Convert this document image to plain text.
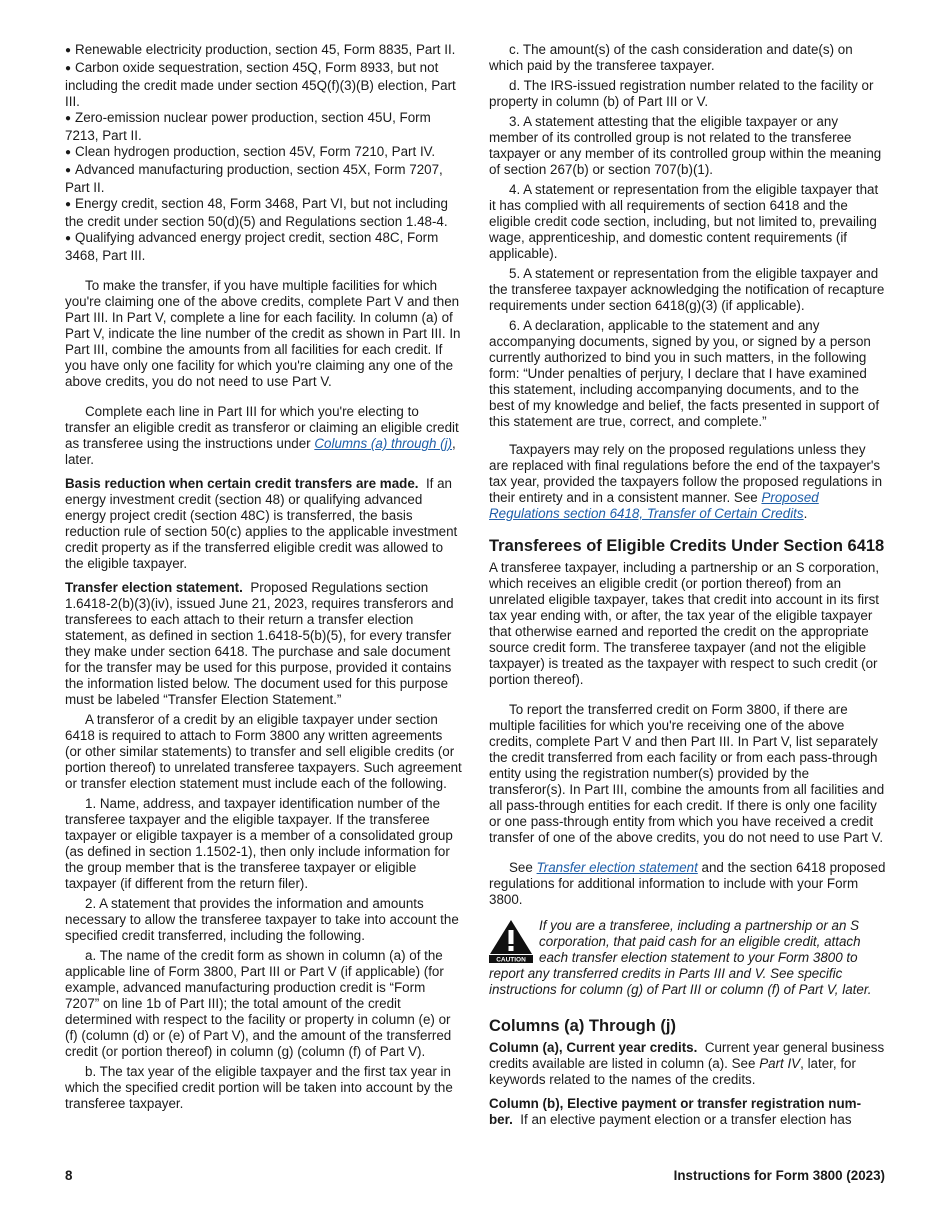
● Renewable electricity production, section 45, Form 8835, Part II.

● Carbon oxide sequestration, section 45Q, Form 8933, but not including the credit made under section 45Q(f)(3)(B) election, Part III.

● Zero-emission nuclear power production, section 45U, Form 7213, Part II.

● Clean hydrogen production, section 45V, Form 7210, Part IV.

● Advanced manufacturing production, section 45X, Form 7207, Part II.

● Energy credit, section 48, Form 3468, Part VI, but not including the credit under section 50(d)(5) and Regulations section 1.48-4.

● Qualifying advanced energy project credit, section 48C, Form 3468, Part III.

To make the transfer, if you have multiple facilities for which you're claiming one of the above credits, complete Part V and then Part III. In Part V, complete a line for each facility. In column (a) of Part V, indicate the line number of the credit as shown in Part III. In Part III, combine the amounts from all facilities for each credit. If you have only one facility for which you're claiming any one of the above credits, you do not need to use Part V.

Complete each line in Part III for which you're electing to transfer an eligible credit as transferor or claiming an eligible credit as transferee using the instructions under Columns (a) through (j), later.

Basis reduction when certain credit transfers are made. If an energy investment credit (section 48) or qualifying advanced energy project credit (section 48C) is transferred, the basis reduction rule of section 50(c) applies to the applicable investment credit property as if the transferred eligible credit was allowed to the eligible taxpayer.

Transfer election statement. Proposed Regulations section 1.6418-2(b)(3)(iv), issued June 21, 2023, requires transferors and transferees to each attach to their return a transfer election statement, as defined in section 1.6418-5(b)(5), for every transfer they make under section 6418. The purchase and sale document for the transfer may be used for this purpose, provided it contains the information listed below. The document used for this purpose must be labeled “Transfer Election Statement.”

A transferor of a credit by an eligible taxpayer under section 6418 is required to attach to Form 3800 any written agreements (or other similar statements) to transfer and sell eligible credits (or portion thereof) to unrelated transferee taxpayers. Such agreement or transfer election statement must include each of the following.

1. Name, address, and taxpayer identification number of the transferee taxpayer and the eligible taxpayer. If the transferee taxpayer or eligible taxpayer is a member of a consolidated group (as defined in section 1.1502-1), then only include information for the group member that is the transferee taxpayer or eligible taxpayer (if different from the return filer).

2. A statement that provides the information and amounts necessary to allow the transferee taxpayer to take into account the specified credit transferred, including the following.

a. The name of the credit form as shown in column (a) of the applicable line of Form 3800, Part III or Part V (if applicable) (for example, advanced manufacturing production credit is “Form 7207” on line 1b of Part III); the total amount of the credit determined with respect to the facility or property in column (e) or (f) (column (d) or (e) of Part V), and the amount of the transferred credit (or portion thereof) in column (g) (column (f) of Part V).

b. The tax year of the eligible taxpayer and the first tax year in which the specified credit portion will be taken into account by the transferee taxpayer.

c. The amount(s) of the cash consideration and date(s) on which paid by the transferee taxpayer.

d. The IRS-issued registration number related to the facility or property in column (b) of Part III or V.

3. A statement attesting that the eligible taxpayer or any member of its controlled group is not related to the transferee taxpayer or any member of its controlled group within the meaning of section 267(b) or section 707(b)(1).

4. A statement or representation from the eligible taxpayer that it has complied with all requirements of section 6418 and the eligible credit code section, including, but not limited to, prevailing wage, apprenticeship, and domestic content requirements (if applicable).

5. A statement or representation from the eligible taxpayer and the transferee taxpayer acknowledging the notification of recapture requirements under section 6418(g)(3) (if applicable).

6. A declaration, applicable to the statement and any accompanying documents, signed by you, or signed by a person currently authorized to bind you in such matters, in the following form: “Under penalties of perjury, I declare that I have examined this statement, including accompanying documents, and to the best of my knowledge and belief, the facts presented in support of this statement are true, correct, and complete.”

Taxpayers may rely on the proposed regulations unless they are replaced with final regulations before the end of the taxpayer's tax year, provided the taxpayers follow the proposed regulations in their entirety and in a consistent manner. See Proposed Regulations section 6418, Transfer of Certain Credits.

Transferees of Eligible Credits Under Section 6418

A transferee taxpayer, including a partnership or an S corporation, which receives an eligible credit (or portion thereof) from an unrelated eligible taxpayer, takes that credit into account in its first tax year ending with, or after, the tax year of the eligible taxpayer that otherwise earned and reported the credit on the appropriate source credit form. The transferee taxpayer (and not the eligible taxpayer) is treated as the taxpayer with respect to such credit (or portion thereof).

To report the transferred credit on Form 3800, if there are multiple facilities for which you're receiving one of the above credits, complete Part V and then Part III. In Part V, list separately the credit transferred from each facility or from each pass-through entity using the registration number(s) provided by the transferor(s). In Part III, combine the amounts from all facilities and all pass-through entities for each credit. If there is only one facility or one pass-through entity from which you have received a credit transfer of one of the above credits, you do not need to use Part V.

See Transfer election statement and the section 6418 proposed regulations for additional information to include with your Form 3800.

CAUTION
If you are a transferee, including a partnership or an S corporation, that paid cash for an eligible credit, attach each transfer election statement to your Form 3800 to report any transferred credits in Parts III and V. See specific instructions for column (g) of Part III or column (f) of Part V, later.
Columns (a) Through (j)

Column (a), Current year credits. Current year general business credits available are listed in column (a). See Part IV, later, for keywords related to the names of the credits.

Column (b), Elective payment or transfer registration num-ber. If an elective payment election or a transfer election has

8	Instructions for Form 3800 (2023)
